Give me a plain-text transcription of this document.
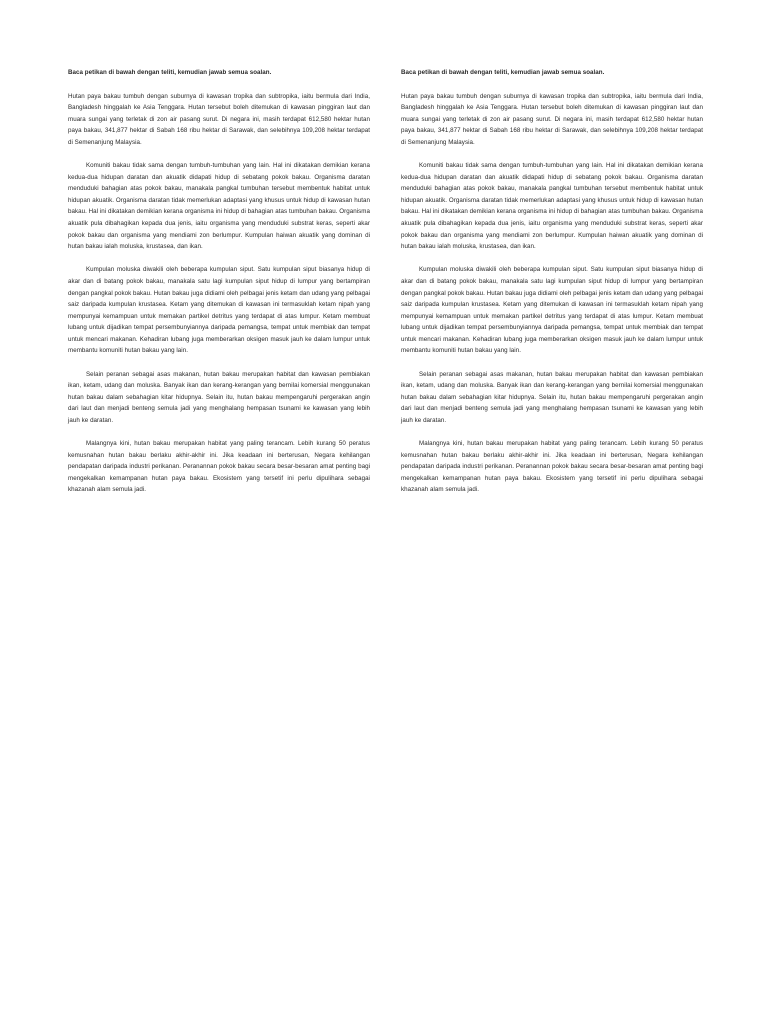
Baca petikan di bawah dengan teliti, kemudian jawab semua soalan.

Hutan paya bakau tumbuh dengan suburnya di kawasan tropika dan subtropika, iaitu bermula dari India, Bangladesh hinggalah ke Asia Tenggara. Hutan tersebut boleh ditemukan di kawasan pinggiran laut dan muara sungai yang terletak di zon air pasang surut. Di negara ini, masih terdapat 612,580 hektar hutan paya bakau, 341,877 hektar di Sabah 168 ribu hektar di Sarawak, dan selebihnya 109,208 hektar terdapat di Semenanjung Malaysia.

Komuniti bakau tidak sama dengan tumbuh-tumbuhan yang lain. Hal ini dikatakan demikian kerana kedua-dua hidupan daratan dan akuatik didapati hidup di sebatang pokok bakau. Organisma daratan menduduki bahagian atas pokok bakau, manakala pangkal tumbuhan tersebut membentuk habitat untuk hidupan akuatik. Organisma daratan tidak memerlukan adaptasi yang khusus untuk hidup di kawasan hutan bakau. Hal ini dikatakan demikian kerana organisma ini hidup di bahagian atas tumbuhan bakau. Organisma akuatik pula dibahagikan kepada dua jenis, iaitu organisma yang menduduki substrat keras, seperti akar pokok bakau dan organisma yang mendiami zon berlumpur. Kumpulan haiwan akuatik yang dominan di hutan bakau ialah moluska, krustasea, dan ikan.

Kumpulan moluska diwakili oleh beberapa kumpulan siput. Satu kumpulan siput biasanya hidup di akar dan di batang pokok bakau, manakala satu lagi kumpulan siput hidup di lumpur yang bertampiran dengan pangkal pokok bakau. Hutan bakau juga didiami oleh pelbagai jenis ketam dan udang yang pelbagai saiz daripada kumpulan krustasea. Ketam yang ditemukan di kawasan ini termasuklah ketam nipah yang mempunyai kemampuan untuk memakan partikel detritus yang terdapat di atas lumpur. Ketam membuat lubang untuk dijadikan tempat persembunyiannya daripada pemangsa, tempat untuk membiak dan tempat untuk mencari makanan. Kehadiran lubang juga memberarkan oksigen masuk jauh ke dalam lumpur untuk membantu komuniti hutan bakau yang lain.

Selain peranan sebagai asas makanan, hutan bakau merupakan habitat dan kawasan pembiakan ikan, ketam, udang dan moluska. Banyak ikan dan kerang-kerangan yang bernilai komersial menggunakan hutan bakau dalam sebahagian kitar hidupnya. Selain itu, hutan bakau mempengaruhi pergerakan angin dari laut dan menjadi benteng semula jadi yang menghalang hempasan tsunami ke kawasan yang lebih jauh ke daratan.

Malangnya kini, hutan bakau merupakan habitat yang paling terancam. Lebih kurang 50 peratus kemusnahan hutan bakau berlaku akhir-akhir ini. Jika keadaan ini berterusan, Negara kehilangan pendapatan daripada industri perikanan. Peranannan pokok bakau secara besar-besaran amat penting bagi mengekalkan kemampanan hutan paya bakau. Ekosistem yang tersetif ini perlu dipulihara sebagai khazanah alam semula jadi.

Baca petikan di bawah dengan teliti, kemudian jawab semua soalan.

Hutan paya bakau tumbuh dengan suburnya di kawasan tropika dan subtropika, iaitu bermula dari India, Bangladesh hinggalah ke Asia Tenggara. Hutan tersebut boleh ditemukan di kawasan pinggiran laut dan muara sungai yang terletak di zon air pasang surut. Di negara ini, masih terdapat 612,580 hektar hutan paya bakau, 341,877 hektar di Sabah 168 ribu hektar di Sarawak, dan selebihnya 109,208 hektar terdapat di Semenanjung Malaysia.

Komuniti bakau tidak sama dengan tumbuh-tumbuhan yang lain. Hal ini dikatakan demikian kerana kedua-dua hidupan daratan dan akuatik didapati hidup di sebatang pokok bakau. Organisma daratan menduduki bahagian atas pokok bakau, manakala pangkal tumbuhan tersebut membentuk habitat untuk hidupan akuatik. Organisma daratan tidak memerlukan adaptasi yang khusus untuk hidup di kawasan hutan bakau. Hal ini dikatakan demikian kerana organisma ini hidup di bahagian atas tumbuhan bakau. Organisma akuatik pula dibahagikan kepada dua jenis, iaitu organisma yang menduduki substrat keras, seperti akar pokok bakau dan organisma yang mendiami zon berlumpur. Kumpulan haiwan akuatik yang dominan di hutan bakau ialah moluska, krustasea, dan ikan.

Kumpulan moluska diwakili oleh beberapa kumpulan siput. Satu kumpulan siput biasanya hidup di akar dan di batang pokok bakau, manakala satu lagi kumpulan siput hidup di lumpur yang bertampiran dengan pangkal pokok bakau. Hutan bakau juga didiami oleh pelbagai jenis ketam dan udang yang pelbagai saiz daripada kumpulan krustasea. Ketam yang ditemukan di kawasan ini termasuklah ketam nipah yang mempunyai kemampuan untuk memakan partikel detritus yang terdapat di atas lumpur. Ketam membuat lubang untuk dijadikan tempat persembunyiannya daripada pemangsa, tempat untuk membiak dan tempat untuk mencari makanan. Kehadiran lubang juga memberarkan oksigen masuk jauh ke dalam lumpur untuk membantu komuniti hutan bakau yang lain.

Selain peranan sebagai asas makanan, hutan bakau merupakan habitat dan kawasan pembiakan ikan, ketam, udang dan moluska. Banyak ikan dan kerang-kerangan yang bernilai komersial menggunakan hutan bakau dalam sebahagian kitar hidupnya. Selain itu, hutan bakau mempengaruhi pergerakan angin dari laut dan menjadi benteng semula jadi yang menghalang hempasan tsunami ke kawasan yang lebih jauh ke daratan.

Malangnya kini, hutan bakau merupakan habitat yang paling terancam. Lebih kurang 50 peratus kemusnahan hutan bakau berlaku akhir-akhir ini. Jika keadaan ini berterusan, Negara kehilangan pendapatan daripada industri perikanan. Peranannan pokok bakau secara besar-besaran amat penting bagi mengekalkan kemampanan hutan paya bakau. Ekosistem yang tersetif ini perlu dipulihara sebagai khazanah alam semula jadi.
